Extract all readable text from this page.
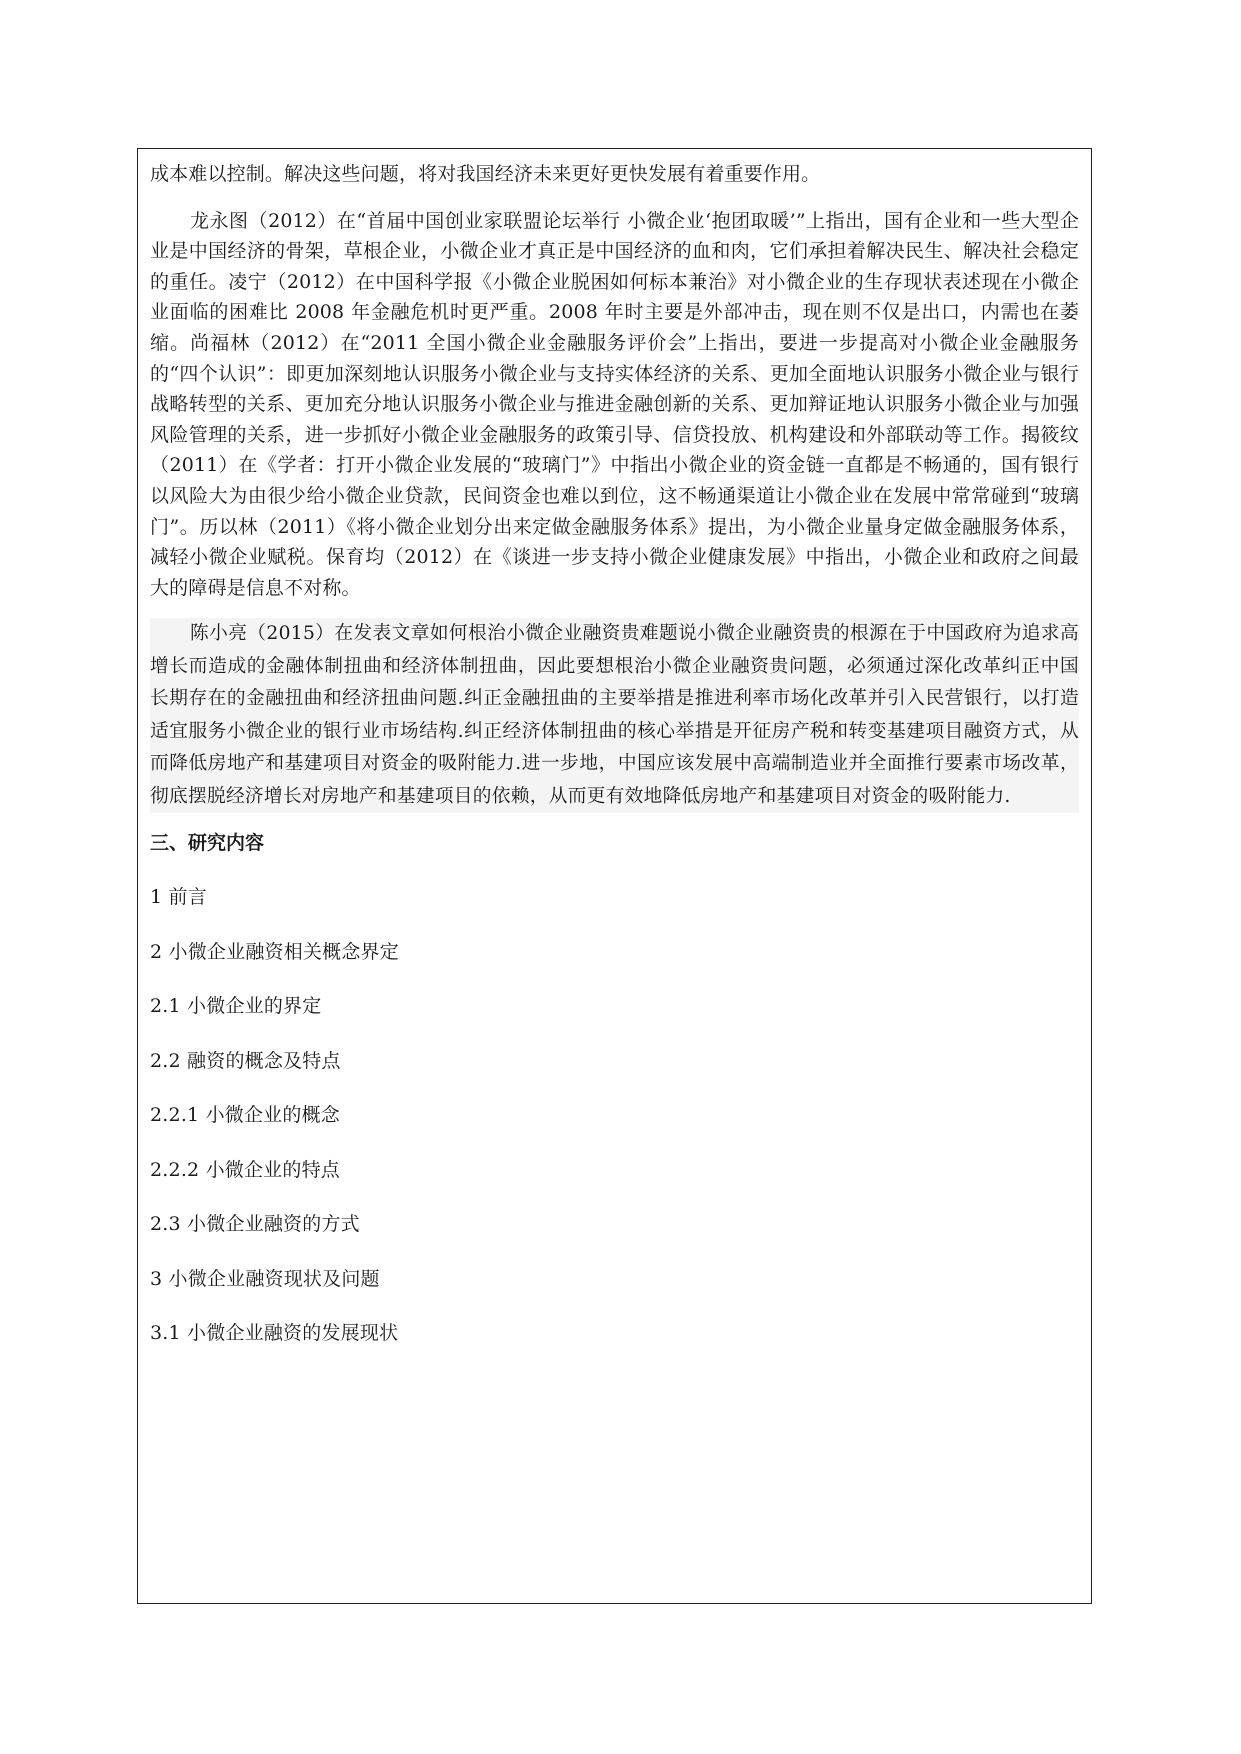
成本难以控制。解决这些问题，将对我国经济未来更好更快发展有着重要作用。

龙永图（2012）在“首届中国创业家联盟论坛举行 小微企业‘抱团取暖’”上指出，国有企业和一些大型企业是中国经济的骨架，草根企业，小微企业才真正是中国经济的血和肉，它们承担着解决民生、解决社会稳定的重任。凌宁（2012）在中国科学报《小微企业脱困如何标本兼治》对小微企业的生存现状表述现在小微企业面临的困难比 2008 年金融危机时更严重。2008 年时主要是外部冲击，现在则不仅是出口，内需也在萎缩。尚福林（2012）在“2011 全国小微企业金融服务评价会”上指出，要进一步提高对小微企业金融服务的“四个认识”：即更加深刻地认识服务小微企业与支持实体经济的关系、更加全面地认识服务小微企业与银行战略转型的关系、更加充分地认识服务小微企业与推进金融创新的关系、更加辩证地认识服务小微企业与加强风险管理的关系，进一步抓好小微企业金融服务的政策引导、信贷投放、机构建设和外部联动等工作。揭筱纹（2011）在《学者：打开小微企业发展的“玻璃门”》中指出小微企业的资金链一直都是不畅通的，国有银行以风险大为由很少给小微企业贷款，民间资金也难以到位，这不畅通渠道让小微企业在发展中常常碰到“玻璃门”。历以林（2011）《将小微企业划分出来定做金融服务体系》提出，为小微企业量身定做金融服务体系，减轻小微企业赋税。保育均（2012）在《谈进一步支持小微企业健康发展》中指出，小微企业和政府之间最大的障碍是信息不对称。

陈小亮（2015）在发表文章如何根治小微企业融资贵难题说小微企业融资贵的根源在于中国政府为追求高增长而造成的金融体制扭曲和经济体制扭曲，因此要想根治小微企业融资贵问题，必须通过深化改革纠正中国长期存在的金融扭曲和经济扭曲问题.纠正金融扭曲的主要举措是推进利率市场化改革并引入民营银行，以打造适宜服务小微企业的银行业市场结构.纠正经济体制扭曲的核心举措是开征房产税和转变基建项目融资方式，从而降低房地产和基建项目对资金的吸附能力.进一步地，中国应该发展中高端制造业并全面推行要素市场改革，彻底摆脱经济增长对房地产和基建项目的依赖，从而更有效地降低房地产和基建项目对资金的吸附能力.

三、研究内容
1 前言
2 小微企业融资相关概念界定
2.1 小微企业的界定
2.2 融资的概念及特点
2.2.1 小微企业的概念
2.2.2 小微企业的特点
2.3 小微企业融资的方式
3 小微企业融资现状及问题
3.1 小微企业融资的发展现状
